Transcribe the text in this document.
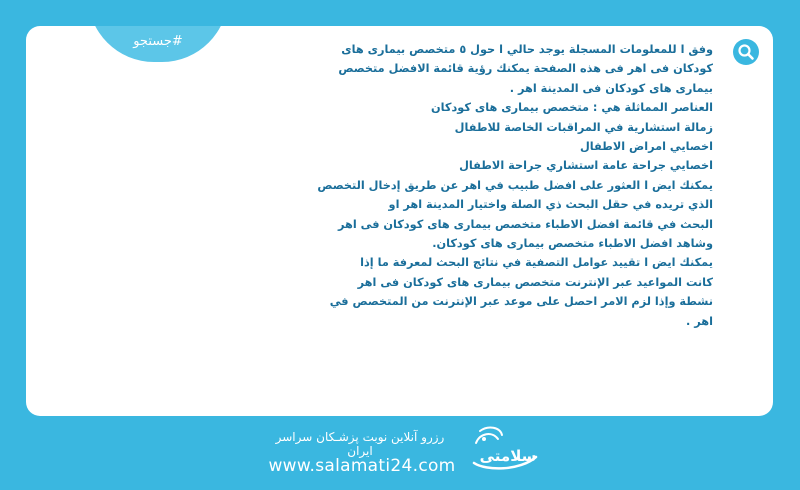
#جستجو

وفق ا للمعلومات المسجلة يوجد حالي ا حول ٥ متخصص بيماری های

کودکان فی اهر فی هذه الصفحة يمكنك رؤية قائمة الافضل متخصص

بيماری های کودکان فی المدينة اهر .

العناصر المماثلة هي : متخصص بيماری های کودکان

زمالة استشارية في المراقبات الخاصة للاطفال

اخصايي امراض الاطفال

اخصايي جراحة عامة استشاري جراحة الاطفال

يمكنك ايض ا العثور على افضل طبيب في اهر عن طريق إدخال التخصص

الذي تريده في حقل البحث ذي الصلة واختيار المدينة اهر او

البحث في قائمة افضل الاطباء متخصص بيماری های کودکان فی اهر

وشاهد افضل الاطباء متخصص بيماری های کودکان.

يمكنك ايض ا تقييد عوامل التصفية في نتائج البحث لمعرفة ما إذا

كانت المواعيد عبر الإنترنت متخصص بيماری های کودکان فی اهر

نشطة وإذا لزم الامر احصل على موعد عبر الإنترنت من المتخصص في

اهر .

رزرو آنلاین نوبت پزشـکان سراسر ایران
www.salamati24.com	سلامتی
